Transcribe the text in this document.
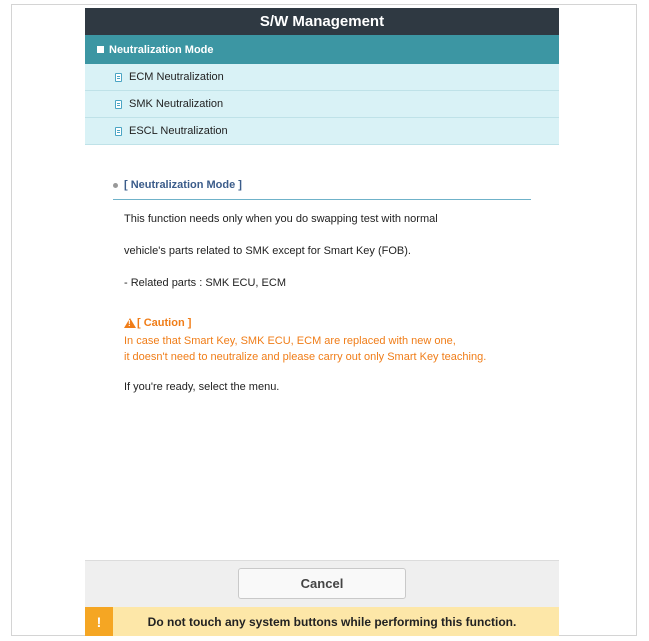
S/W Management
Neutralization Mode
ECM Neutralization
SMK Neutralization
ESCL Neutralization
[ Neutralization Mode ]
This function needs only when you do swapping test with normal
vehicle's parts related to SMK except for Smart Key (FOB).
- Related parts : SMK ECU, ECM
! [ Caution ]
In case that Smart Key, SMK ECU, ECM are replaced with new one,
it doesn't need to neutralize and please carry out only Smart Key teaching.
If you're ready, select the menu.
Cancel
!	Do not touch any system buttons while performing this function.
